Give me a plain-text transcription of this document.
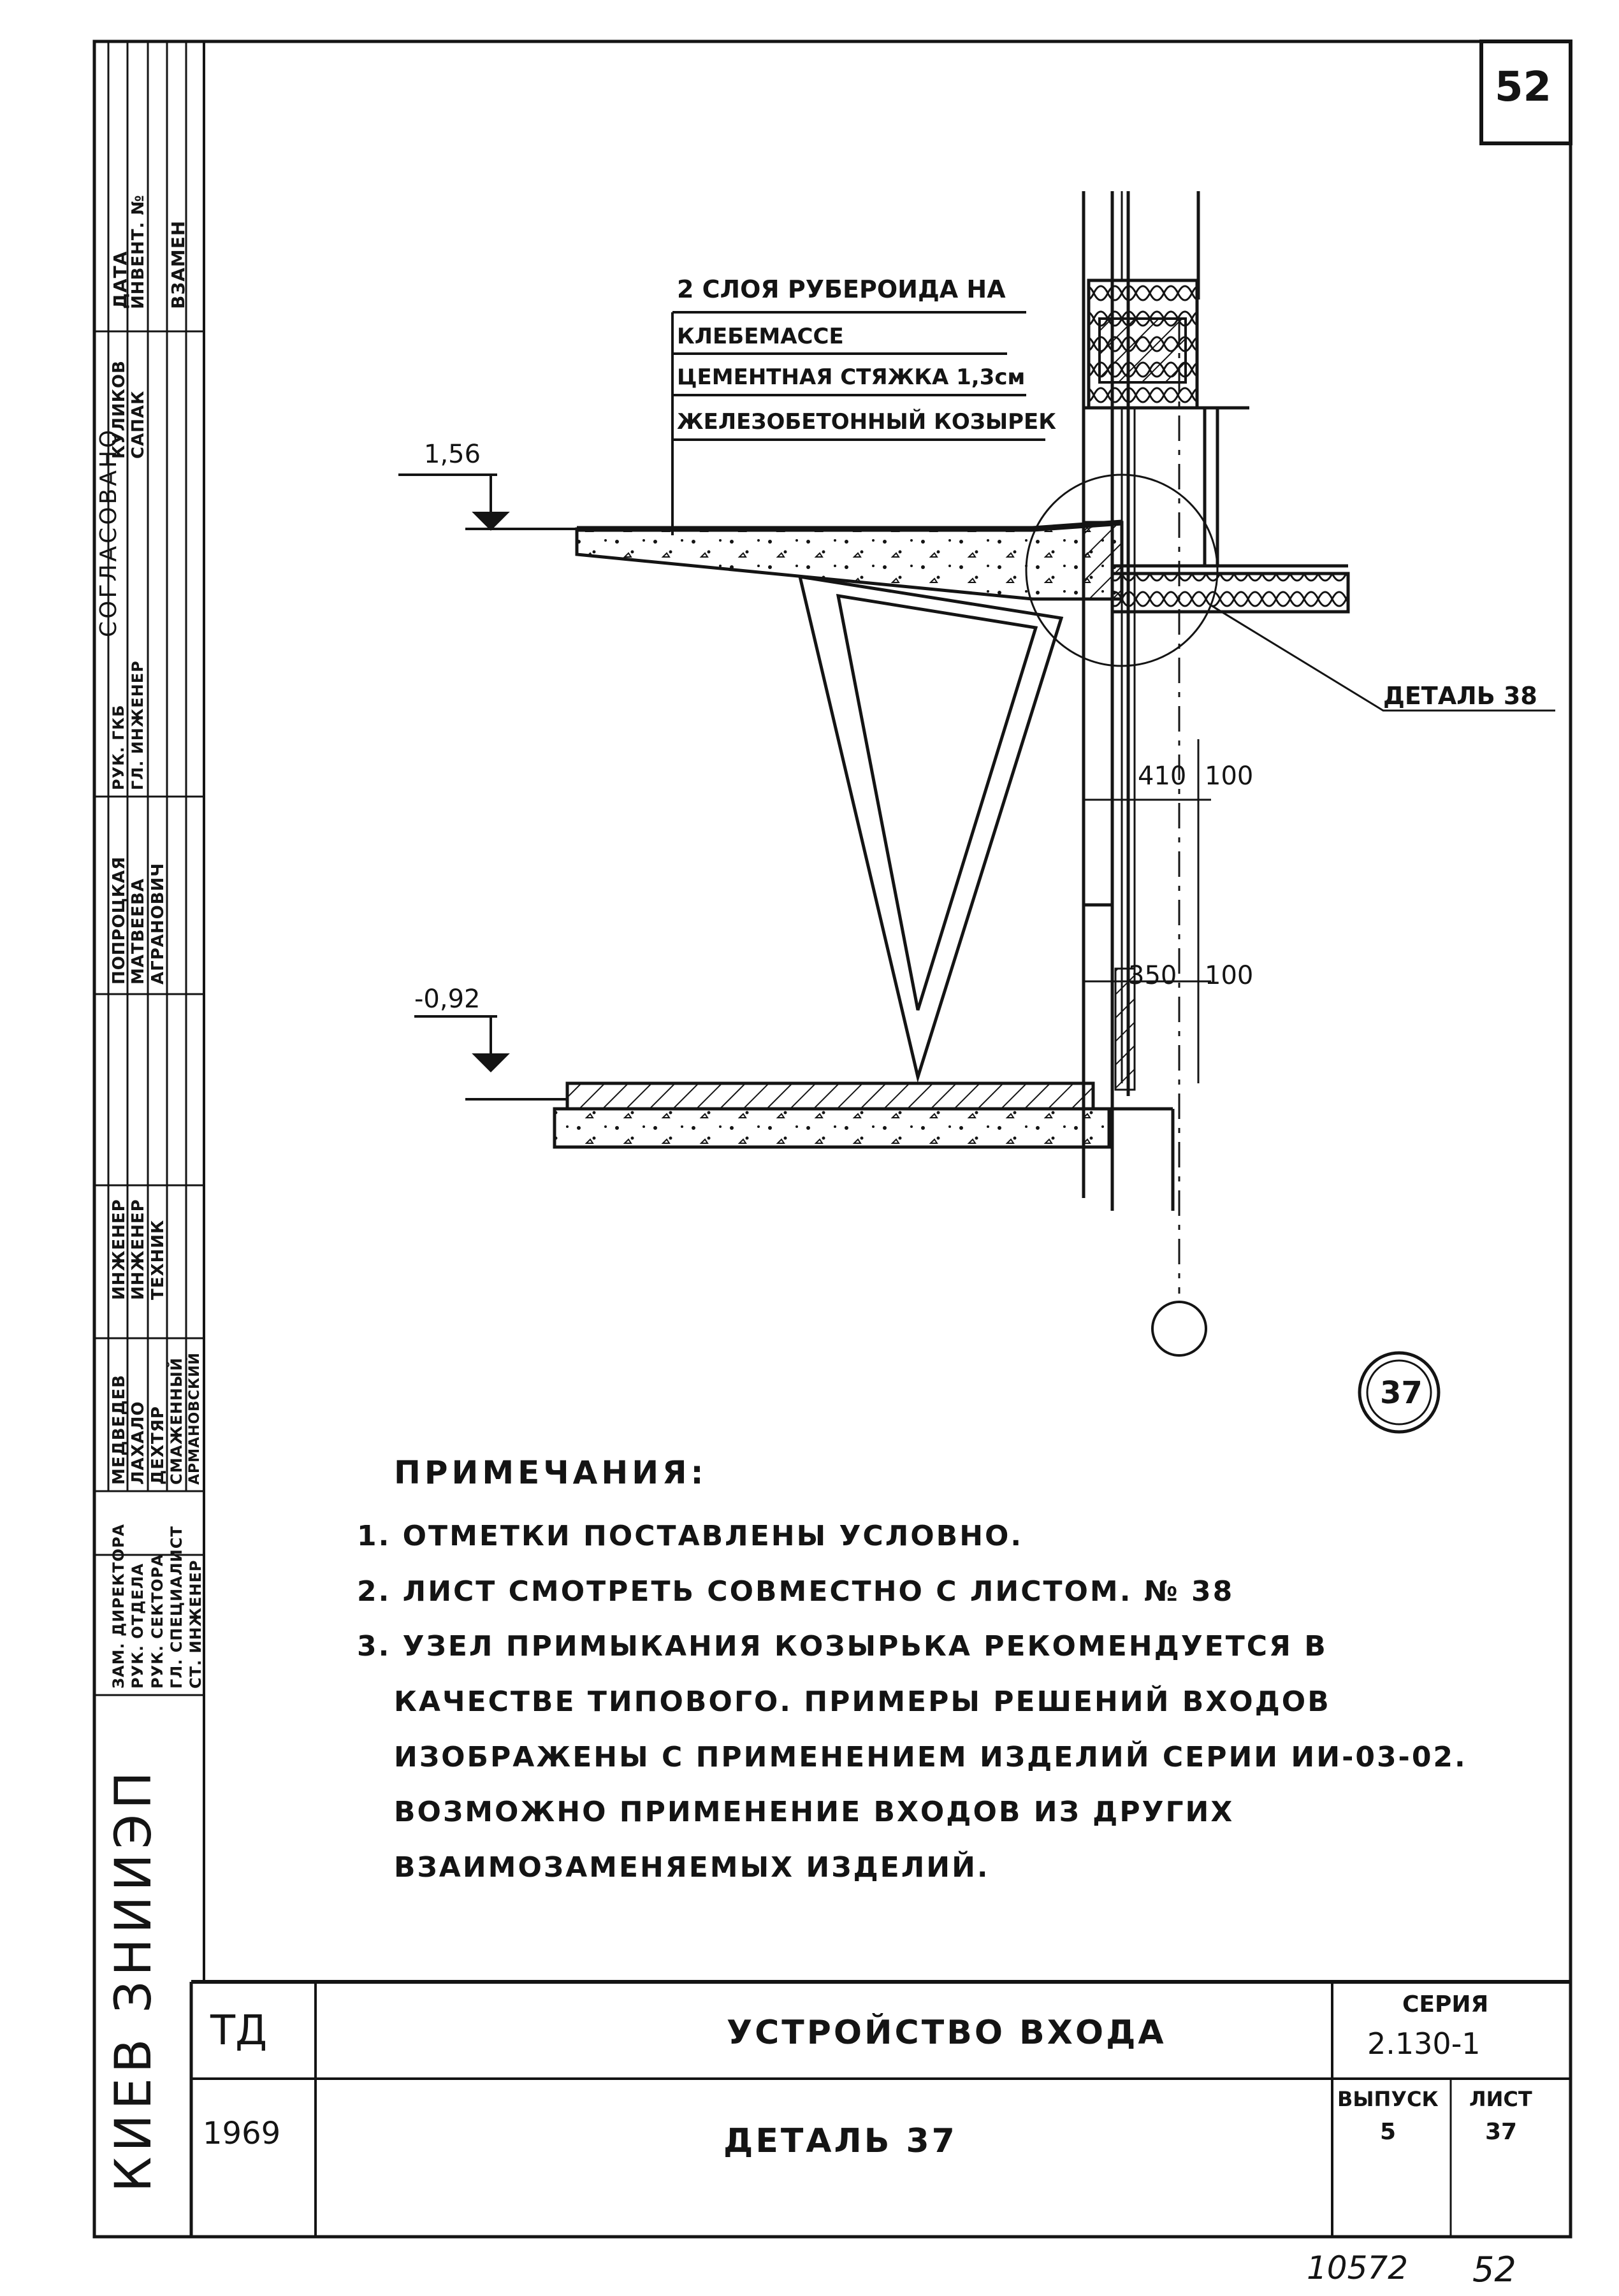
52
2 СЛОЯ РУБЕРОИДА НА
КЛЕБЕМАССЕ
ЦЕМЕНТНАЯ СТЯЖКА 1,3см
ЖЕЛЕЗОБЕТОННЫЙ КОЗЫРЕК
1,56
-0,92
ДЕТАЛЬ 38
410 100
350 100
37
ПРИМЕЧАНИЯ:
1. ОТМЕТКИ ПОСТАВЛЕНЫ УСЛОВНО.
2. ЛИСТ СМОТРЕТЬ СОВМЕСТНО С ЛИСТОМ. № 38
3. УЗЕЛ ПРИМЫКАНИЯ КОЗЫРЬКА РЕКОМЕНДУЕТСЯ В
КАЧЕСТВЕ ТИПОВОГО. ПРИМЕРЫ РЕШЕНИЙ ВХОДОВ
ИЗОБРАЖЕНЫ С ПРИМЕНЕНИЕМ ИЗДЕЛИЙ СЕРИИ ИИ-03-02.
ВОЗМОЖНО ПРИМЕНЕНИЕ ВХОДОВ ИЗ ДРУГИХ
ВЗАИМОЗАМЕНЯЕМЫХ ИЗДЕЛИЙ.
ТД
1969
УСТРОЙСТВО ВХОДА
ДЕТАЛЬ 37
СЕРИЯ
2.130-1
ВЫПУСК
5
ЛИСТ
37
10572 52
КИЕВ ЗНИИЭП
ЗАМ. ДИРЕКТОРА РУК. ОТДЕЛА РУК. СЕКТОРА ГЛ. СПЕЦИАЛИСТ СТ. ИНЖЕНЕР
МЕДВЕДЕВ ЛАХАЛО ДЕХТЯР СМАЖЕННЫЙ АРМАНОВСКИЙ
ИНЖЕНЕР ИНЖЕНЕР ТЕХНИК
ПОПРОЦКАЯ МАТВЕЕВА АГРАНОВИЧ
РУК. ГКБ ГЛ. ИНЖЕНЕР
СОГЛАСОВАНО
КУЛИКОВ САПАК
ДАТА
ИНВЕНТ. № ВЗАМЕН
